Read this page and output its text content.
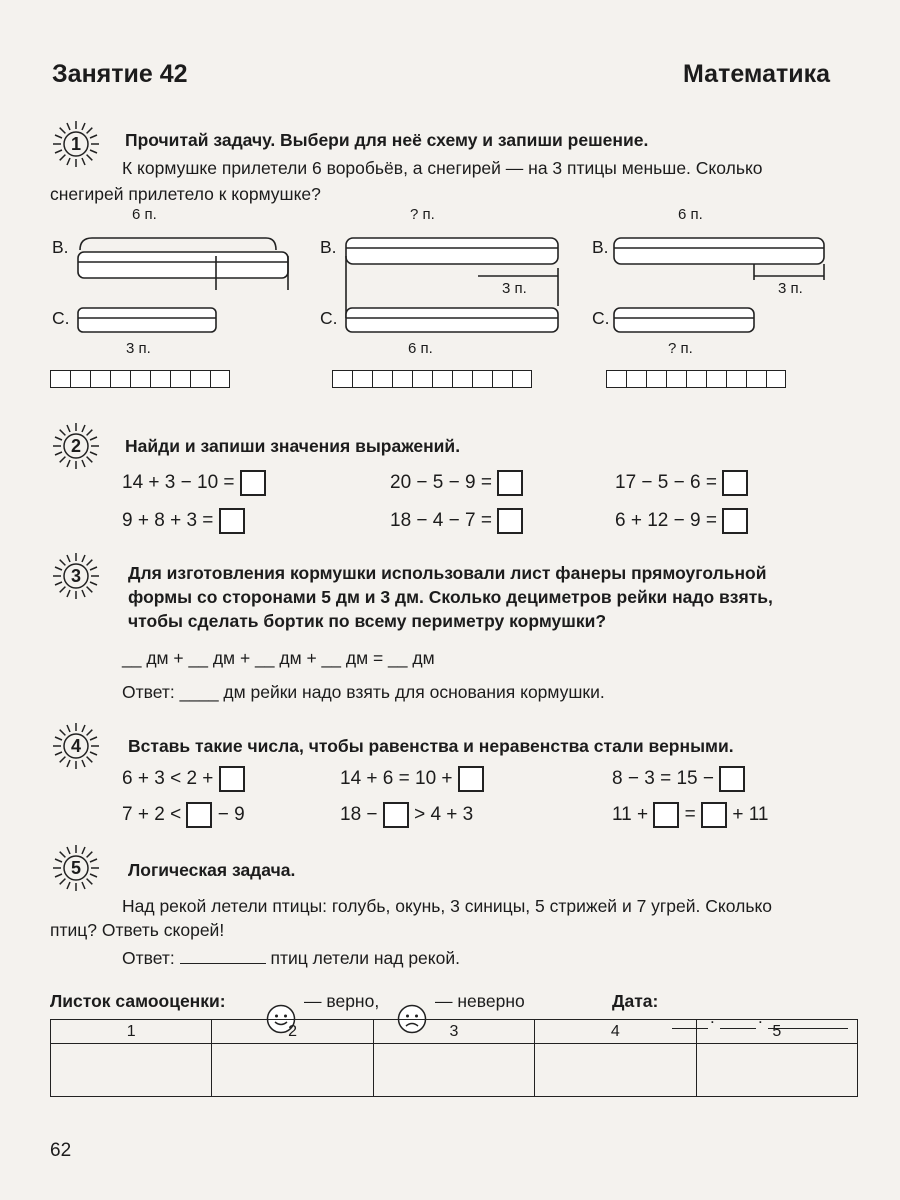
Занятие 42	Математика
1	Прочитай задачу. Выбери для неё схему и запиши решение.
К кормушке прилетели 6 воробьёв, а снегирей — на 3 птицы меньше. Сколько
снегирей прилетело к кормушке?
6 п.
В.
С.
3 п.
? п.
В.
С.
3 п.
6 п.
6 п.
В.
С.
3 п.
? п.
2	Найди и запиши значения выражений.
14 + 3 − 10 =	20 − 5 − 9 =	17 − 5 − 6 =
9 + 8 + 3 =	18 − 4 − 7 =	6 + 12 − 9 =
3	Для изготовления кормушки использовали лист фанеры прямоугольной
формы со сторонами 5 дм и 3 дм. Сколько дециметров рейки надо взять,
чтобы сделать бортик по всему периметру кормушки?
__ дм + __ дм + __ дм + __ дм = __ дм
Ответ: ____ дм рейки надо взять для основания кормушки.
4	Вставь такие числа, чтобы равенства и неравенства стали верными.
6 + 3 < 2 +	14 + 6 = 10 +	8 − 3 = 15 −
7 + 2 < − 9	18 − > 4 + 3	11 + = + 11
5	Логическая задача.
Над рекой летели птицы: голубь, окунь, 3 синицы, 5 стрижей и 7 угрей. Сколько
птиц? Ответь скорей!
Ответ:	птиц летели над рекой.
Листок самооценки:	— верно,	— неверно	Дата:
.	.
1	2	3	4	5

62
